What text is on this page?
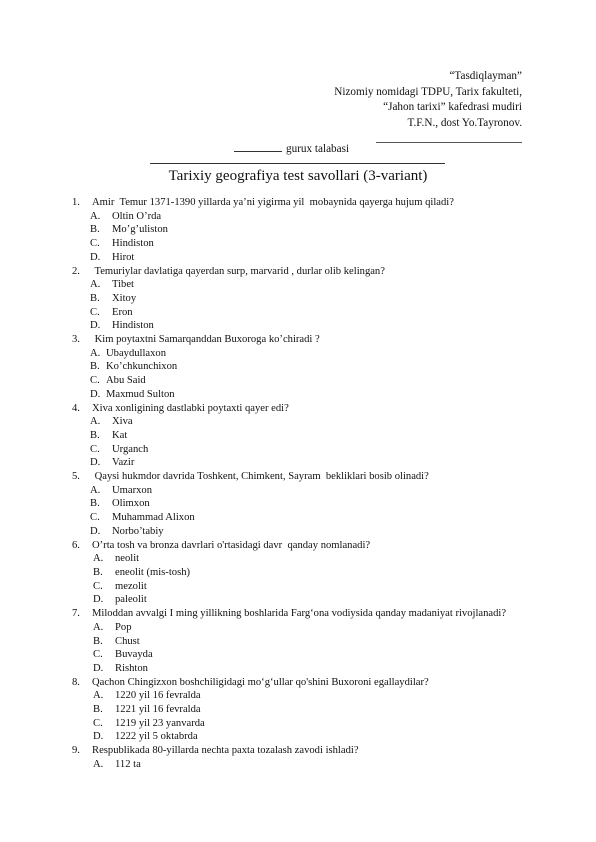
“Tasdiqlayman”
Nizomiy nomidagi TDPU, Tarix fakulteti,
“Jahon tarixi” kafedrasi mudiri
T.F.N., dost Yo.Tayronov.
gurux talabasi
Tarixiy geografiya test savollari (3-variant)
1.	Amir  Temur 1371-1390 yillarda ya’ni yigirma yil  mobaynida qayerga hujum qiladi?
A.	Oltin O’rda
B.	Mo’g’uliston
C.	Hindiston
D.	Hirot
2.	Temuriylar davlatiga qayerdan surp, marvarid , durlar olib kelingan?
A.	Tibet
B.	Xitoy
C.	Eron
D.	Hindiston
3.	Kim poytaxtni Samarqanddan Buxoroga ko’chiradi ?
A. Ubaydullaxon
B. Ko’chkunchixon
C. Abu Said
D. Maxmud Sulton
4.	Xiva xonligining dastlabki poytaxti qayer edi?
A.	Xiva
B.	Kat
C.	Urganch
D.	Vazir
5.	Qaysi hukmdor davrida Toshkent, Chimkent, Sayram  bekliklari bosib olinadi?
A.	Umarxon
B.	Olimxon
C.	Muhammad Alixon
D.	Norbo’tabiy
6.	O’rta tosh va bronza davrlari o'rtasidagi davr  qanday nomlanadi?
A.	neolit
B.	eneolit (mis-tosh)
C.	mezolit
D.	paleolit
7.	Miloddan avvalgi I ming yillikning boshlarida Farg‘ona vodiysida qanday madaniyat rivojlanadi?
A.	Pop
B.	Chust
C.	Buvayda
D.	Rishton
8.	Qachon Chingizxon boshchiligidagi mo‘g‘ullar qo'shini Buxoroni egallaydilar?
A.	1220 yil 16 fevralda
B.	1221 yil 16 fevralda
C.	1219 yil 23 yanvarda
D.	1222 yil 5 oktabrda
9.	Respublikada 80-yillarda nechta paxta tozalash zavodi ishladi?
A.	112 ta
